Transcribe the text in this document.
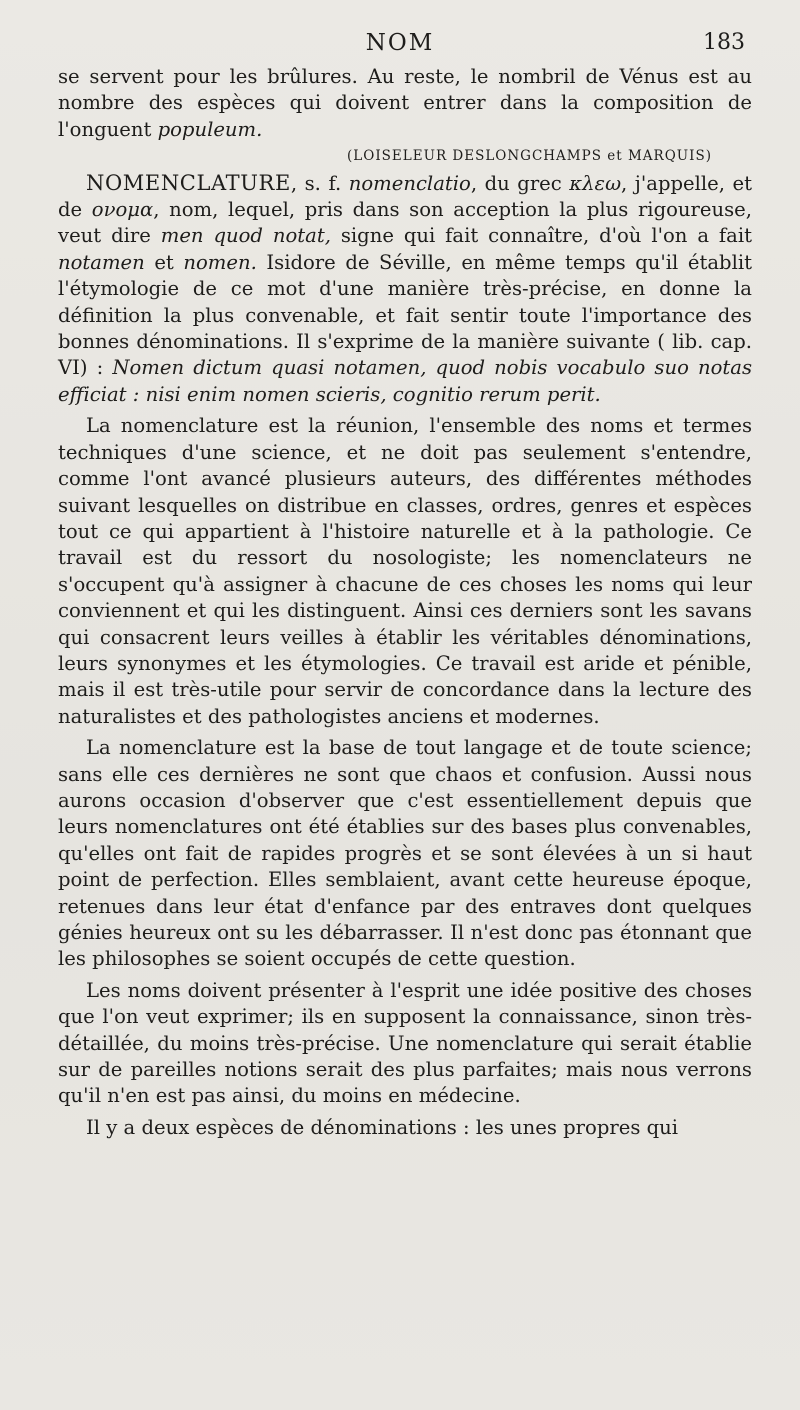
NOM	183

se servent pour les brûlures. Au reste, le nombril de Vénus est au nombre des espèces qui doivent entrer dans la composition de l'onguent populeum.

(LOISELEUR DESLONGCHAMPS et MARQUIS)

NOMENCLATURE, s. f. nomenclatio, du grec κλεω, j'appelle, et de ονομα, nom, lequel, pris dans son acception la plus rigoureuse, veut dire men quod notat, signe qui fait connaître, d'où l'on a fait notamen et nomen. Isidore de Séville, en même temps qu'il établit l'étymologie de ce mot d'une manière très-précise, en donne la définition la plus convenable, et fait sentir toute l'importance des bonnes dénominations. Il s'exprime de la manière suivante ( lib. cap. VI) : Nomen dictum quasi notamen, quod nobis vocabulo suo notas efficiat : nisi enim nomen scieris, cognitio rerum perit.

La nomenclature est la réunion, l'ensemble des noms et termes techniques d'une science, et ne doit pas seulement s'entendre, comme l'ont avancé plusieurs auteurs, des différentes méthodes suivant lesquelles on distribue en classes, ordres, genres et espèces tout ce qui appartient à l'histoire naturelle et à la pathologie. Ce travail est du ressort du nosologiste; les nomenclateurs ne s'occupent qu'à assigner à chacune de ces choses les noms qui leur conviennent et qui les distinguent. Ainsi ces derniers sont les savans qui consacrent leurs veilles à établir les véritables dénominations, leurs synonymes et les étymologies. Ce travail est aride et pénible, mais il est très-utile pour servir de concordance dans la lecture des naturalistes et des pathologistes anciens et modernes.

La nomenclature est la base de tout langage et de toute science; sans elle ces dernières ne sont que chaos et confusion. Aussi nous aurons occasion d'observer que c'est essentiellement depuis que leurs nomenclatures ont été établies sur des bases plus convenables, qu'elles ont fait de rapides progrès et se sont élevées à un si haut point de perfection. Elles semblaient, avant cette heureuse époque, retenues dans leur état d'enfance par des entraves dont quelques génies heureux ont su les débarrasser. Il n'est donc pas étonnant que les philosophes se soient occupés de cette question.

Les noms doivent présenter à l'esprit une idée positive des choses que l'on veut exprimer; ils en supposent la connaissance, sinon très-détaillée, du moins très-précise. Une nomenclature qui serait établie sur de pareilles notions serait des plus parfaites; mais nous verrons qu'il n'en est pas ainsi, du moins en médecine.

Il y a deux espèces de dénominations : les unes propres qui
